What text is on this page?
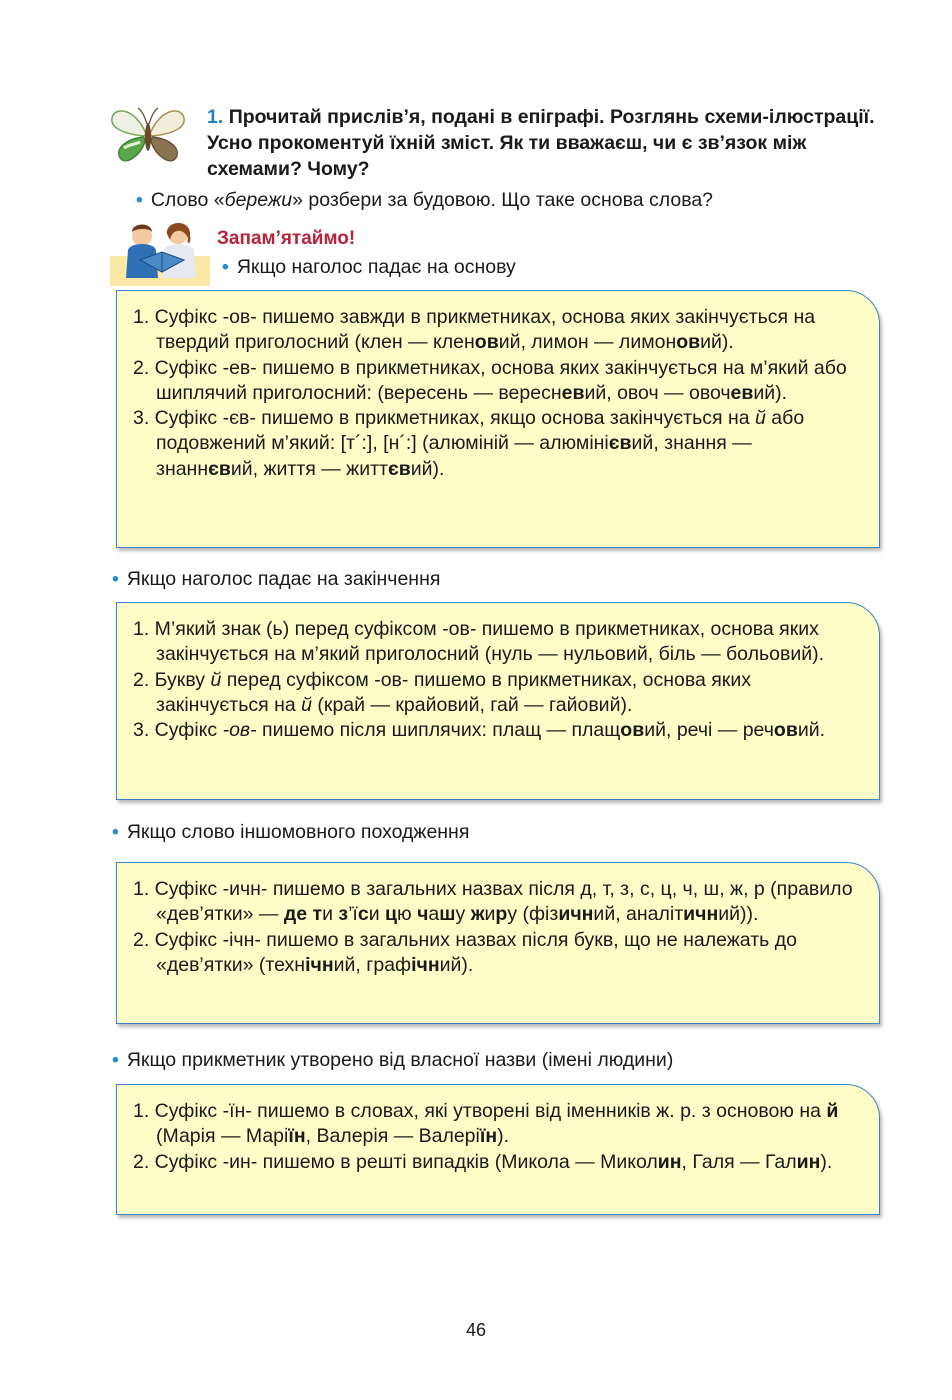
1. Прочитай прислів’я, подані в епіграфі. Розглянь схеми-ілюстрації. Усно прокоментуй їхній зміст. Як ти вважаєш, чи є зв’язок між схемами? Чому?
• Слово «бережи» розбери за будовою. Що таке основа слова?
Запам’ятаймо!
• Якщо наголос падає на основу
1. Суфікс -ов- пишемо завжди в прикметниках, основа яких закінчується на твердий приголосний (клен — кленовий, лимон — лимоновий).
2. Суфікс -ев- пишемо в прикметниках, основа яких закінчується на м’який або шиплячий приголосний: (вересень — вересневий, овоч — овочевий).
3. Суфікс -єв- пишемо в прикметниках, якщо основа закінчується на й або подовжений м’який: [т´:], [н´:] (алюміній — алюмінієвий, знання — знаннєвий, життя — життєвий).
• Якщо наголос падає на закінчення
1. М’який знак (ь) перед суфіксом -ов- пишемо в прикметниках, основа яких закінчується на м’який приголосний (нуль — нульовий, біль — больовий).
2. Букву й перед суфіксом -ов- пишемо в прикметниках, основа яких закінчується на й (край — крайовий, гай — гайовий).
3. Суфікс -ов- пишемо після шиплячих: плащ — плащовий, речі — речовий.
• Якщо слово іншомовного походження
1. Суфікс -ичн- пишемо в загальних назвах після д, т, з, с, ц, ч, ш, ж, р (правило «дев’ятки» — де ти з’їси цю чашу жиру (фізичний, аналітичний)).
2. Суфікс -ічн- пишемо в загальних назвах після букв, що не належать до «дев’ятки» (технічний, графічний).
• Якщо прикметник утворено від власної назви (імені людини)
1. Суфікс -їн- пишемо в словах, які утворені від іменників ж. р. з основою на й (Марія — Маріїн, Валерія — Валеріїн).
2. Суфікс -ин- пишемо в решті випадків (Микола — Миколин, Галя — Галин).
46
